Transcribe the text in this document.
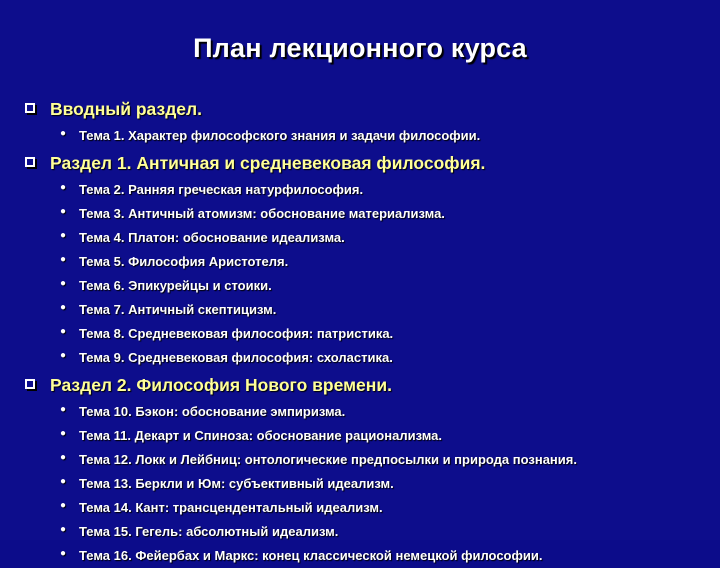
План лекционного курса
Вводный раздел.
● Тема 1. Характер философского знания и задачи философии.
Раздел 1. Античная и средневековая философия.
● Тема 2. Ранняя греческая натурфилософия.
● Тема 3. Античный атомизм: обоснование материализма.
● Тема 4. Платон: обоснование идеализма.
● Тема 5. Философия Аристотеля.
● Тема 6. Эпикурейцы и стоики.
● Тема 7. Античный скептицизм.
● Тема 8. Средневековая философия: патристика.
● Тема 9. Средневековая философия: схоластика.
Раздел 2. Философия Нового времени.
● Тема 10. Бэкон: обоснование эмпиризма.
● Тема 11. Декарт и Спиноза: обоснование рационализма.
● Тема 12. Локк и Лейбниц: онтологические предпосылки и природа познания.
● Тема 13. Беркли и Юм: субъективный идеализм.
● Тема 14. Кант: трансцендентальный идеализм.
● Тема 15. Гегель: абсолютный идеализм.
● Тема 16. Фейербах и Маркс: конец классической немецкой философии.
